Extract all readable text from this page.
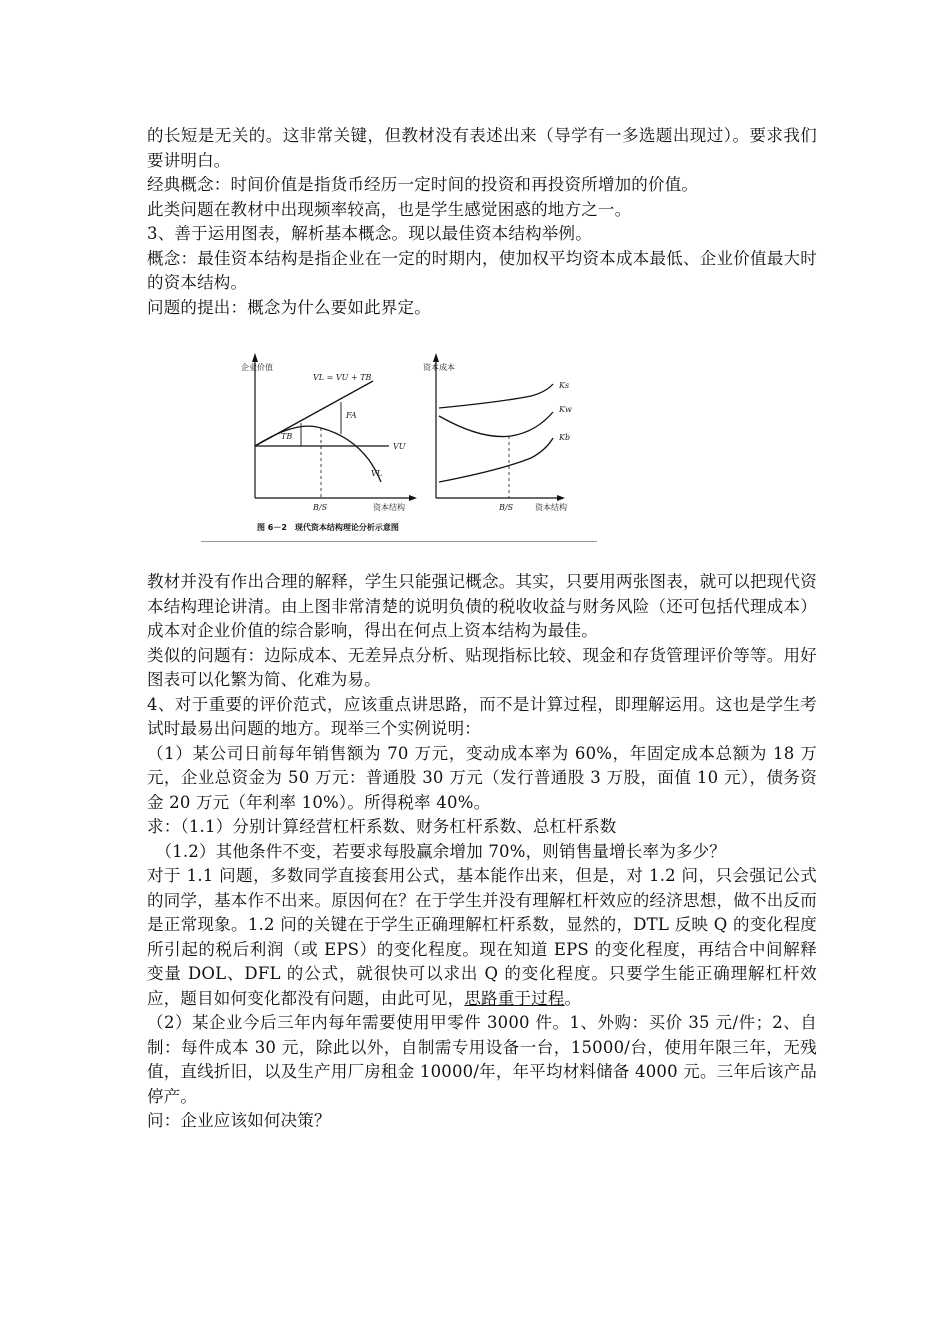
的长短是无关的。这非常关键，但教材没有表述出来（导学有一多选题出现过）。要求我们要讲明白。

经典概念：时间价值是指货币经历一定时间的投资和再投资所增加的价值。

此类问题在教材中出现频率较高，也是学生感觉困惑的地方之一。

3、善于运用图表，解析基本概念。现以最佳资本结构举例。

概念：最佳资本结构是指企业在一定的时期内，使加权平均资本成本最低、企业价值最大时的资本结构。

问题的提出：概念为什么要如此界定。

企业价值
VL = VU + TB
FA
TB
VU
VL
B/S	资本结构
资本成本
Ks
Kw
Kb
B/S	资本结构
图 6－2　现代资本结构理论分析示意图

教材并没有作出合理的解释，学生只能强记概念。其实，只要用两张图表，就可以把现代资本结构理论讲清。由上图非常清楚的说明负债的税收收益与财务风险（还可包括代理成本）成本对企业价值的综合影响，得出在何点上资本结构为最佳。

类似的问题有：边际成本、无差异点分析、贴现指标比较、现金和存货管理评价等等。用好图表可以化繁为简、化难为易。

4、对于重要的评价范式，应该重点讲思路，而不是计算过程，即理解运用。这也是学生考试时最易出问题的地方。现举三个实例说明：

（1）某公司日前每年销售额为 70 万元，变动成本率为 60%，年固定成本总额为 18 万元，企业总资金为 50 万元：普通股 30 万元（发行普通股 3 万股，面值 10 元），债务资金 20 万元（年利率 10%）。所得税率 40%。

求：（1.1）分别计算经营杠杆系数、财务杠杆系数、总杠杆系数

　（1.2）其他条件不变，若要求每股赢余增加 70%，则销售量增长率为多少？

对于 1.1 问题，多数同学直接套用公式，基本能作出来，但是，对 1.2 问，只会强记公式的同学，基本作不出来。原因何在？在于学生并没有理解杠杆效应的经济思想，做不出反而是正常现象。1.2 问的关键在于学生正确理解杠杆系数，显然的，DTL 反映 Q 的变化程度所引起的税后利润（或 EPS）的变化程度。现在知道 EPS 的变化程度，再结合中间解释变量 DOL、DFL 的公式，就很快可以求出 Q 的变化程度。只要学生能正确理解杠杆效应，题目如何变化都没有问题，由此可见，思路重于过程。

（2）某企业今后三年内每年需要使用甲零件 3000 件。1、外购：买价 35 元/件；2、自制：每件成本 30 元，除此以外，自制需专用设备一台，15000/台，使用年限三年，无残值，直线折旧，以及生产用厂房租金 10000/年，年平均材料储备 4000 元。三年后该产品停产。

问：企业应该如何决策？
